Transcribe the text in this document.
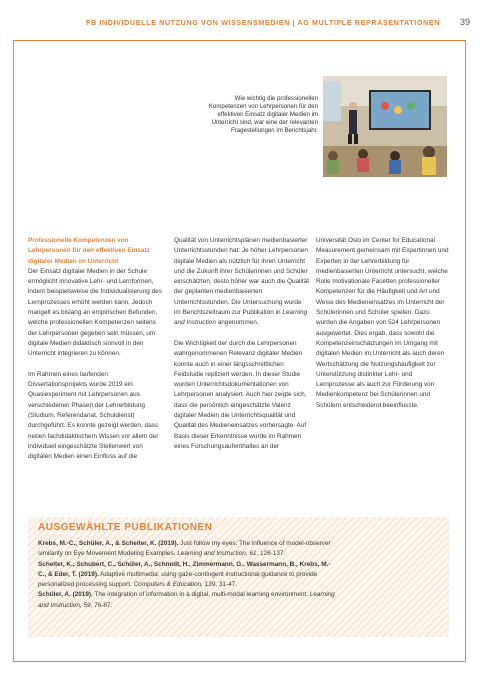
FB INDIVIDUELLE NUTZUNG VON WISSENSMEDIEN | AG MULTIPLE REPRÄSENTATIONEN 39
Wie wichtig die professionellen Kompetenzen von Lehrpersonen für den effektiven Einsatz digitaler Medien im Unterricht sind, war eine der relevanten Fragestellungen im Berichtsjahr.
Professionelle Kompetenzen von Lehrpersonen für den effektiven Einsatz digitaler Medien im Unterricht

Der Einsatz digitaler Medien in der Schule ermöglicht innovative Lehr- und Lernformen, indem beispielsweise die Individualisierung des Lernprozesses erhöht werden kann. Jedoch mangelt es bislang an empirischen Befunden, welche professionellen Kompetenzen seitens der Lehrpersonen gegeben sein müssen, um digitale Medien didaktisch sinnvoll in den Unterricht integrieren zu können.

Im Rahmen eines laufenden Dissertationsprojekts wurde 2019 ein Quasiexperiment mit Lehrpersonen aus verschiedenen Phasen der Lehrerbildung (Studium, Referendariat, Schuldienst) durchgeführt. Es konnte gezeigt werden, dass neben fachdidaktischem Wissen vor allem der individuell eingeschätzte Stellenwert von digitalen Medien einen Einfluss auf die

Qualität von Unterrichtsplänen medienbasierter Unterrichtsstunden hat: Je höher Lehrpersonen digitale Medien als nützlich für ihren Unterricht und die Zukunft ihrer Schülerinnen und Schüler einschätzten, desto höher war auch die Qualität der geplanten medienbasierten Unterrichtsstunden. Die Untersuchung wurde im Berichtszeitraum zur Publikation in Learning and Instruction angenommen.

Die Wichtigkeit der durch die Lehrpersonen wahrgenommenen Relevanz digitaler Medien konnte auch in einer längsschnittlichen Feldstudie repliziert werden. In dieser Studie wurden Unterrichtsdokumentationen von Lehrpersonen analysiert. Auch hier zeigte sich, dass die persönlich eingeschätzte Valenz digitaler Medien die Unterrichtsqualität und Qualität des Medieneinsatzes vorhersagte. Auf Basis dieser Erkenntnisse wurde im Rahmen eines Forschungsaufenthaltes an der

Universität Oslo im Center for Educational Measurement gemeinsam mit Expertinnen und Experten in der Lehrerbildung für medienbasierten Unterricht untersucht, welche Rolle motivationale Facetten professioneller Kompetenzen für die Häufigkeit und Art und Weise des Medieneinsatzes im Unterricht der Schülerinnen und Schüler spielen. Dazu wurden die Angaben von 524 Lehrpersonen ausgewertet. Dies ergab, dass sowohl die Kompetenzeinschätzungen im Umgang mit digitalen Medien im Unterricht als auch deren Wertschätzung die Nutzungshäufigkeit zur Unterstützung distinkter Lehr- und Lernprozesse als auch zur Förderung von Medienkompetenz bei Schülerinnen und Schülern entscheidend beeinflusste.

AUSGEWÄHLTE PUBLIKATIONEN
Krebs, M.-C., Schüler, A., & Scheiter, K. (2019). Just follow my eyes: The influence of model-observer similarity on Eye Movement Modeling Examples. Learning and Instruction, 61, 126-137.
Scheiter, K., Schubert, C., Schüler, A., Schmidt, H., Zimmermann, G., Wassermann, B., Krebs, M.-C., & Eder, T. (2019). Adaptive multimedia: using gaze-contingent instructional guidance to provide personalized processing support. Computers & Education, 139, 31-47.
Schüler, A. (2019). The integration of information in a digital, multi-modal learning environment. Learning and Instruction, 59, 76-87.
